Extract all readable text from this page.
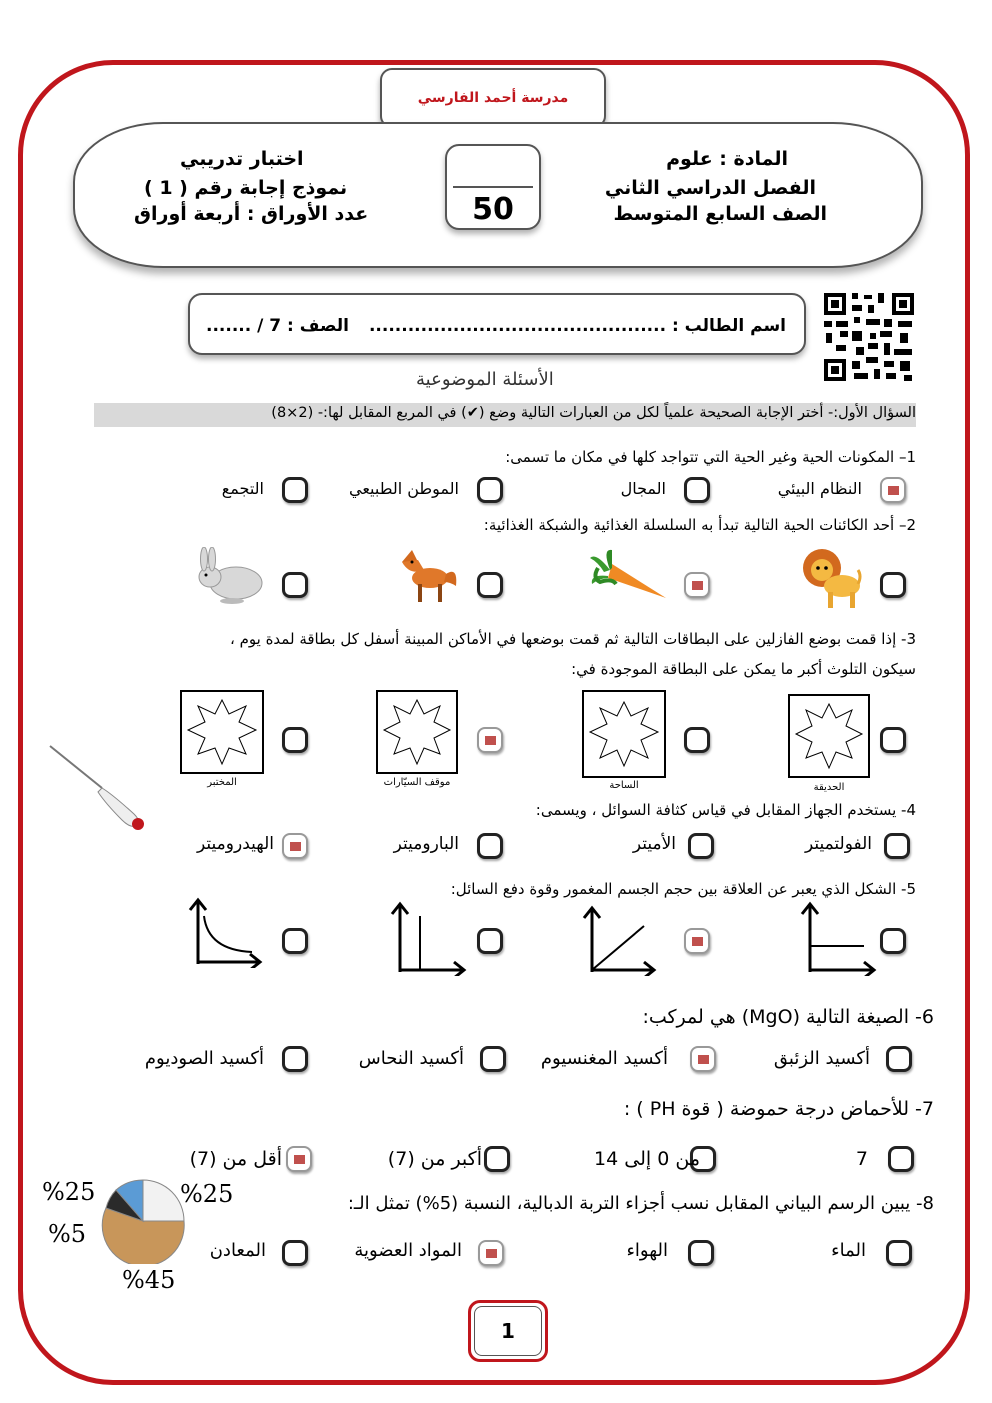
مدرسة أحمد الفارسي
المادة : علوم
الفصل الدراسي الثاني
الصف السابع المتوسط
اختبار تدريبي
نموذج إجابة رقم ( 1 )
عدد الأوراق : أربعة أوراق	50
اسم الطالب : ..............................................
الصف : 7 / .......
الأسئلة الموضوعية
السؤال الأول:- أختر الإجابة الصحيحة علمياً لكل من العبارات التالية وضع (✔) في المربع المقابل لها:- (2×8)
1– المكونات الحية وغير الحية التي تتواجد كلها في مكان ما تسمى:
النظام البيئي
المجال
الموطن الطبيعي
التجمع
2– أحد الكائنات الحية التالية تبدأ به السلسلة الغذائية والشبكة الغذائية:
3- إذا قمت بوضع الفازلين على البطاقات التالية ثم قمت بوضعها في الأماكن المبينة أسفل كل بطاقة لمدة يوم ،
سيكون التلوث أكبر ما يمكن على البطاقة الموجودة في:
الحديقة
الساحة
موقف السيّارات
المختبر
4- يستخدم الجهاز المقابل في قياس كثافة السوائل ، ويسمى:
الفولتميتر
الأميتر
الباروميتر
الهيدروميتر
5- الشكل الذي يعبر عن العلاقة بين حجم الجسم المغمور وقوة دفع السائل:
6- الصيغة التالية (MgO) هي لمركب:
أكسيد الزئبق
أكسيد المغنسيوم
أكسيد النحاس
أكسيد الصوديوم
7- للأحماض درجة حموضة ( قوة PH ) :
7
من 0 إلى 14
أكبر من (7)
أقل من (7)
%25	%25
%5
%45
8- يبين الرسم البياني المقابل نسب أجزاء التربة الدبالية، النسبة (5%) تمثل الـ:
الماء
الهواء
المواد العضوية
المعادن
1
